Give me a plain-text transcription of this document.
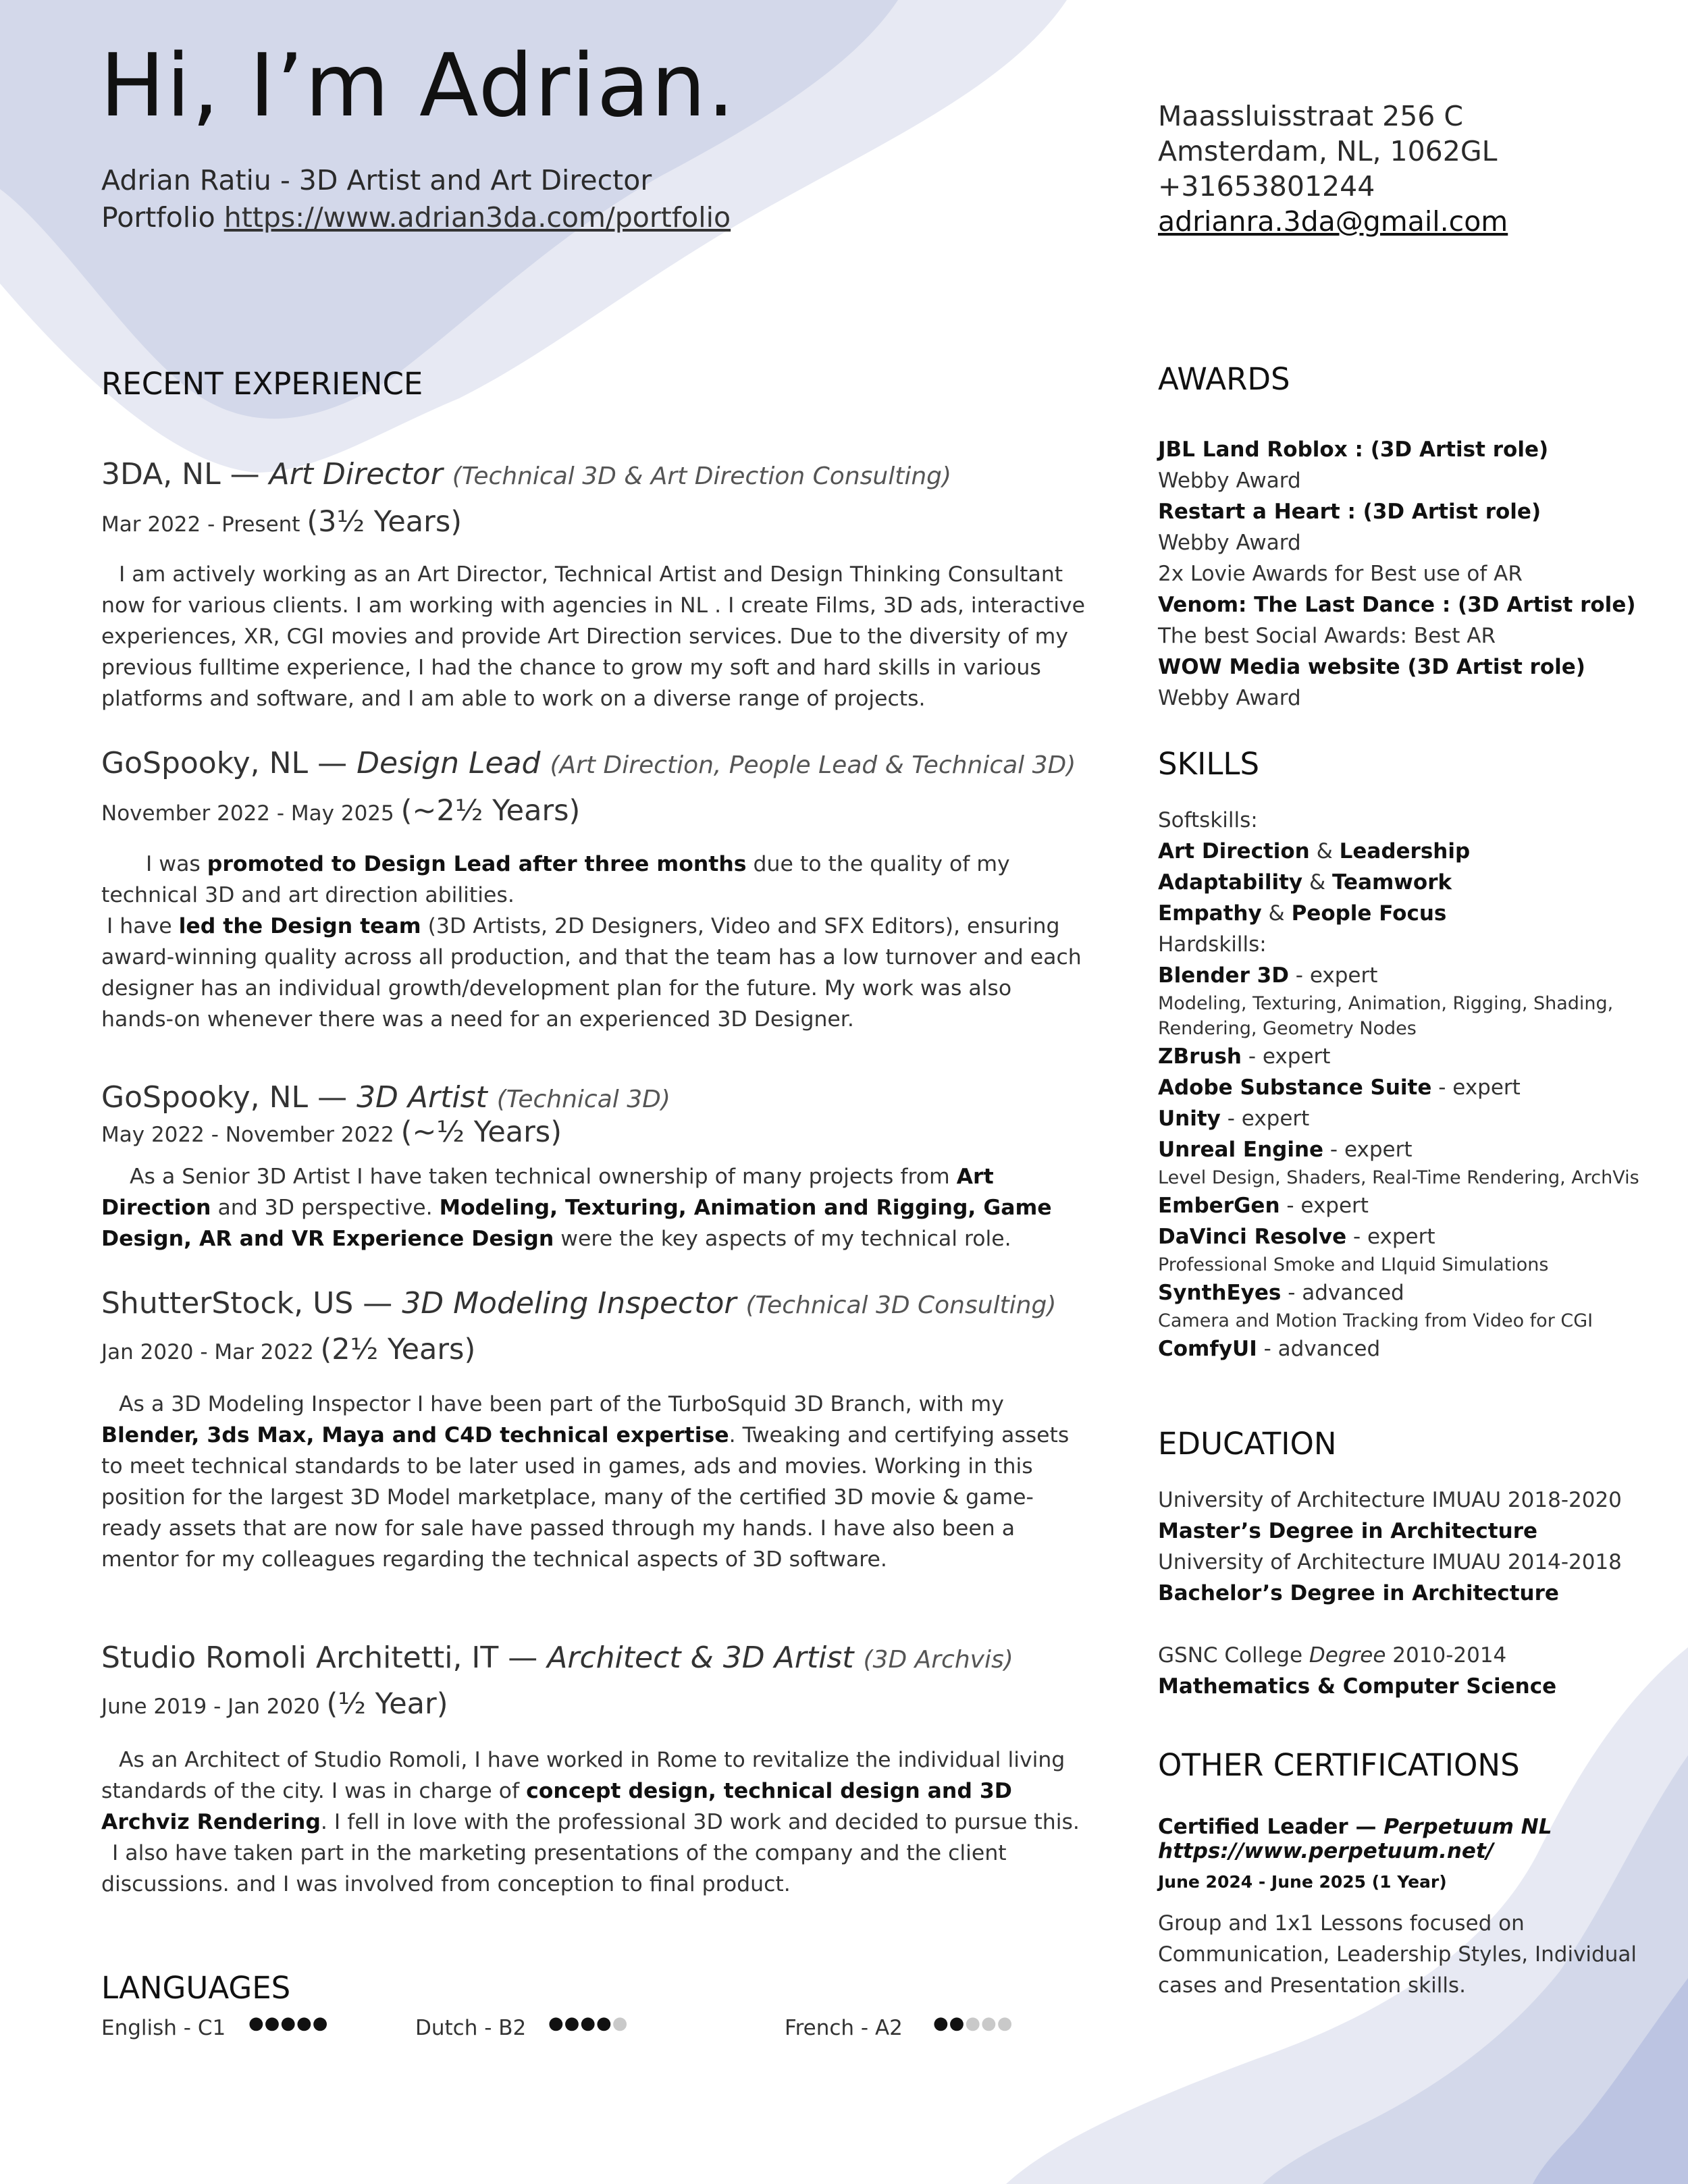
Hi, I’m Adrian.
Adrian Ratiu - 3D Artist and Art Director
Portfolio https://www.adrian3da.com/portfolio
Maassluisstraat 256 C
Amsterdam, NL, 1062GL
+31653801244
adrianra.3da@gmail.com
RECENT EXPERIENCE
3DA, NL — Art Director (Technical 3D & Art Direction Consulting)
Mar 2022 - Present (3½ Years)
I am actively working as an Art Director, Technical Artist and Design Thinking Consultant now for various clients. I am working with agencies in NL . I create Films, 3D ads, interactive experiences, XR, CGI movies and provide Art Direction services. Due to the diversity of my previous fulltime experience, I had the chance to grow my soft and hard skills in various platforms and software, and I am able to work on a diverse range of projects.
GoSpooky, NL — Design Lead (Art Direction, People Lead & Technical 3D)
November 2022 - May 2025 (~2½ Years)
I was promoted to Design Lead after three months due to the quality of my technical 3D and art direction abilities.
I have led the Design team (3D Artists, 2D Designers, Video and SFX Editors), ensuring award-winning quality across all production, and that the team has a low turnover and each designer has an individual growth/development plan for the future. My work was also hands-on whenever there was a need for an experienced 3D Designer.
GoSpooky, NL — 3D Artist (Technical 3D)
May 2022 - November 2022 (~½ Years)
As a Senior 3D Artist I have taken technical ownership of many projects from Art Direction and 3D perspective. Modeling, Texturing, Animation and Rigging, Game Design, AR and VR Experience Design were the key aspects of my technical role.
ShutterStock, US — 3D Modeling Inspector (Technical 3D Consulting)
Jan 2020 - Mar 2022 (2½ Years)
As a 3D Modeling Inspector I have been part of the TurboSquid 3D Branch, with my Blender, 3ds Max, Maya and C4D technical expertise. Tweaking and certifying assets to meet technical standards to be later used in games, ads and movies. Working in this position for the largest 3D Model marketplace, many of the certified 3D movie & game-ready assets that are now for sale have passed through my hands. I have also been a mentor for my colleagues regarding the technical aspects of 3D software.
Studio Romoli Architetti, IT — Architect & 3D Artist (3D Archvis)
June 2019 - Jan 2020 (½ Year)
As an Architect of Studio Romoli, I have worked in Rome to revitalize the individual living standards of the city. I was in charge of concept design, technical design and 3D Archviz Rendering. I fell in love with the professional 3D work and decided to pursue this.
I also have taken part in the marketing presentations of the company and the client discussions. and I was involved from conception to final product.
LANGUAGES
English - C1 ●●●●●	Dutch - B2 ●●●●●	French - A2 ●●●●●
AWARDS
JBL Land Roblox : (3D Artist role)
Webby Award
Restart a Heart : (3D Artist role)
Webby Award
2x Lovie Awards for Best use of AR
Venom: The Last Dance : (3D Artist role)
The best Social Awards: Best AR
WOW Media website (3D Artist role)
Webby Award
SKILLS
Softskills:
Art Direction & Leadership
Adaptability & Teamwork
Empathy & People Focus
Hardskills:
Blender 3D - expert
Modeling, Texturing, Animation, Rigging, Shading, Rendering, Geometry Nodes
ZBrush - expert
Adobe Substance Suite - expert
Unity - expert
Unreal Engine - expert
Level Design, Shaders, Real-Time Rendering, ArchVis
EmberGen - expert
DaVinci Resolve - expert
Professional Smoke and LIquid Simulations
SynthEyes - advanced
Camera and Motion Tracking from Video for CGI
ComfyUI - advanced
EDUCATION
University of Architecture IMUAU 2018-2020
Master’s Degree in Architecture
University of Architecture IMUAU 2014-2018
Bachelor’s Degree in Architecture
GSNC College Degree 2010-2014
Mathematics & Computer Science
OTHER CERTIFICATIONS
Certified Leader — Perpetuum NL
https://www.perpetuum.net/
June 2024 - June 2025 (1 Year)
Group and 1x1 Lessons focused on Communication, Leadership Styles, Individual cases and Presentation skills.
